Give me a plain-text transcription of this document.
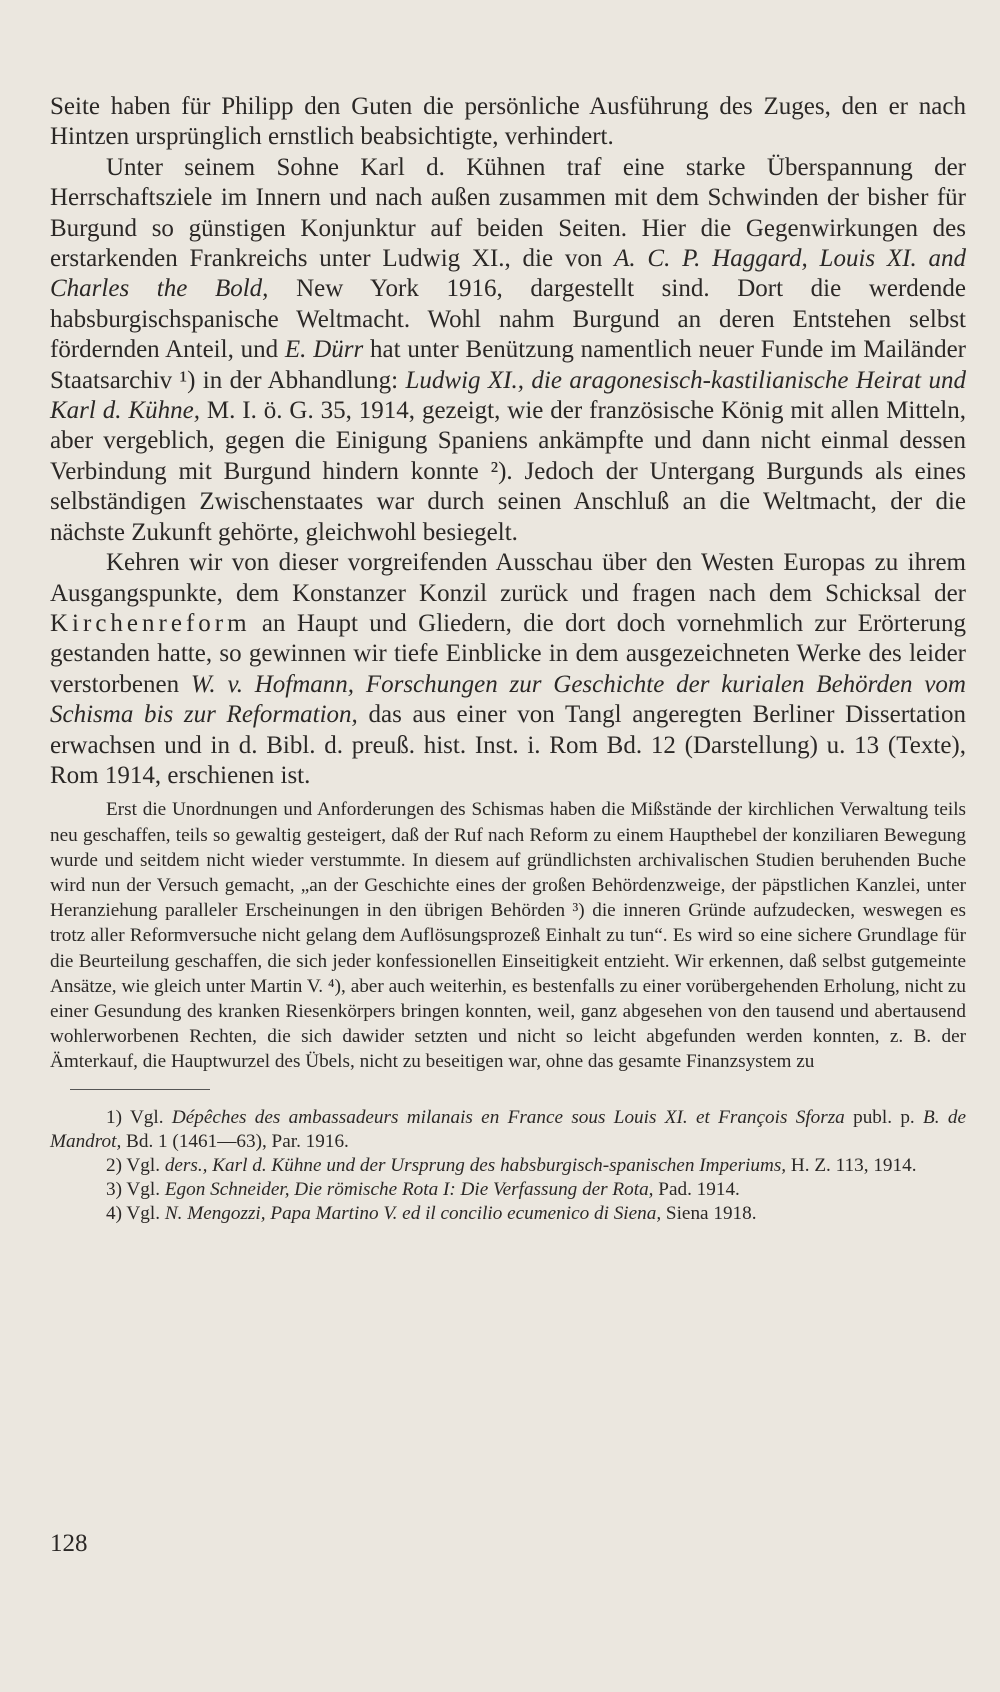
Seite haben für Philipp den Guten die persönliche Ausführung des Zuges, den er nach Hintzen ursprünglich ernstlich beabsichtigte, verhindert.

Unter seinem Sohne Karl d. Kühnen traf eine starke Überspannung der Herrschaftsziele im Innern und nach außen zusammen mit dem Schwinden der bisher für Burgund so günstigen Konjunktur auf beiden Seiten. Hier die Gegenwirkungen des erstarkenden Frankreichs unter Ludwig XI., die von A. C. P. Haggard, Louis XI. and Charles the Bold, New York 1916, dargestellt sind. Dort die werdende habsburgischspanische Weltmacht. Wohl nahm Burgund an deren Entstehen selbst fördernden Anteil, und E. Dürr hat unter Benützung namentlich neuer Funde im Mailänder Staatsarchiv ¹) in der Abhandlung: Ludwig XI., die aragonesisch-kastilianische Heirat und Karl d. Kühne, M. I. ö. G. 35, 1914, gezeigt, wie der französische König mit allen Mitteln, aber vergeblich, gegen die Einigung Spaniens ankämpfte und dann nicht einmal dessen Verbindung mit Burgund hindern konnte ²). Jedoch der Untergang Burgunds als eines selbständigen Zwischenstaates war durch seinen Anschluß an die Weltmacht, der die nächste Zukunft gehörte, gleichwohl besiegelt.

Kehren wir von dieser vorgreifenden Ausschau über den Westen Europas zu ihrem Ausgangspunkte, dem Konstanzer Konzil zurück und fragen nach dem Schicksal der Kirchenreform an Haupt und Gliedern, die dort doch vornehmlich zur Erörterung gestanden hatte, so gewinnen wir tiefe Einblicke in dem ausgezeichneten Werke des leider verstorbenen W. v. Hofmann, Forschungen zur Geschichte der kurialen Behörden vom Schisma bis zur Reformation, das aus einer von Tangl angeregten Berliner Dissertation erwachsen und in d. Bibl. d. preuß. hist. Inst. i. Rom Bd. 12 (Darstellung) u. 13 (Texte), Rom 1914, erschienen ist.

Erst die Unordnungen und Anforderungen des Schismas haben die Mißstände der kirchlichen Verwaltung teils neu geschaffen, teils so gewaltig gesteigert, daß der Ruf nach Reform zu einem Haupthebel der konziliaren Bewegung wurde und seitdem nicht wieder verstummte. In diesem auf gründlichsten archivalischen Studien beruhenden Buche wird nun der Versuch gemacht, „an der Geschichte eines der großen Behördenzweige, der päpstlichen Kanzlei, unter Heranziehung paralleler Erscheinungen in den übrigen Behörden ³) die inneren Gründe aufzudecken, weswegen es trotz aller Reformversuche nicht gelang dem Auflösungsprozeß Einhalt zu tun“. Es wird so eine sichere Grundlage für die Beurteilung geschaffen, die sich jeder konfessionellen Einseitigkeit entzieht. Wir erkennen, daß selbst gutgemeinte Ansätze, wie gleich unter Martin V. ⁴), aber auch weiterhin, es bestenfalls zu einer vorübergehenden Erholung, nicht zu einer Gesundung des kranken Riesenkörpers bringen konnten, weil, ganz abgesehen von den tausend und abertausend wohlerworbenen Rechten, die sich dawider setzten und nicht so leicht abgefunden werden konnten, z. B. der Ämterkauf, die Hauptwurzel des Übels, nicht zu beseitigen war, ohne das gesamte Finanzsystem zu

1) Vgl. Dépêches des ambassadeurs milanais en France sous Louis XI. et François Sforza publ. p. B. de Mandrot, Bd. 1 (1461—63), Par. 1916.

2) Vgl. ders., Karl d. Kühne und der Ursprung des habsburgisch-spanischen Imperiums, H. Z. 113, 1914.

3) Vgl. Egon Schneider, Die römische Rota I: Die Verfassung der Rota, Pad. 1914.

4) Vgl. N. Mengozzi, Papa Martino V. ed il concilio ecumenico di Siena, Siena 1918.

128
